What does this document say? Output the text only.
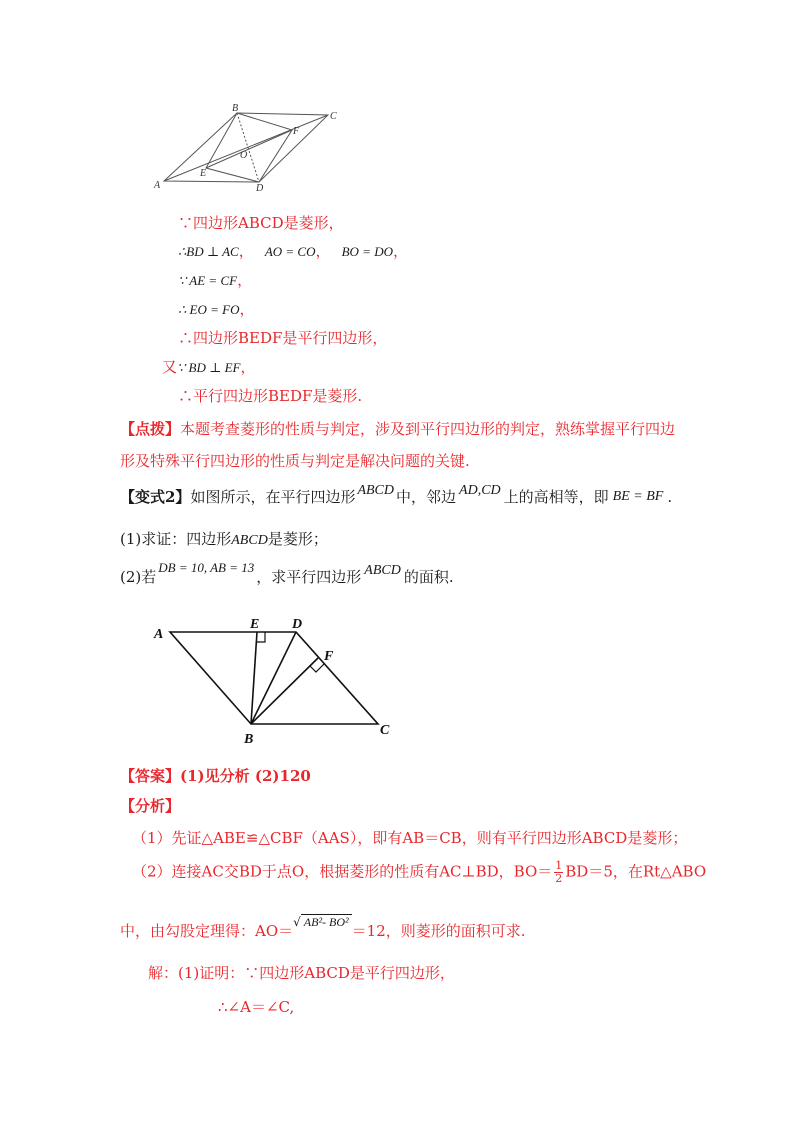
A
B
C
D
E
F
O
∵四边形ABCD是菱形，
∴BD ⊥ AC， AO = CO， BO = DO，
∵ AE = CF，
∴ EO = FO，
∴四边形BEDF是平行四边形，
又∵ BD ⊥ EF，
∴平行四边形BEDF是菱形.
【点拨】本题考查菱形的性质与判定，涉及到平行四边形的判定，熟练掌握平行四边
形及特殊平行四边形的性质与判定是解决问题的关键.
【变式2】如图所示，在平行四边形 ABCD 中，邻边 AD,CD 上的高相等，即 BE = BF .
(1)求证：四边形ABCD是菱形；
(2)若DB = 10, AB = 13，求平行四边形 ABCD 的面积.
A
E D
F
C
B
【答案】(1)见分析 (2)120
【分析】
（1）先证△ABE≌△CBF（AAS），即有AB＝CB，则有平行四边形ABCD是菱形；
（2）连接AC交BD于点O，根据菱形的性质有AC⊥BD，$BO= \frac{1}{2} BD=5$，在Rt△ABO
中，由勾股定理得：AO＝√ AB²- BO² ＝12，则菱形的面积可求.
解：(1)证明：∵四边形ABCD是平行四边形，
∴∠A＝∠C,
